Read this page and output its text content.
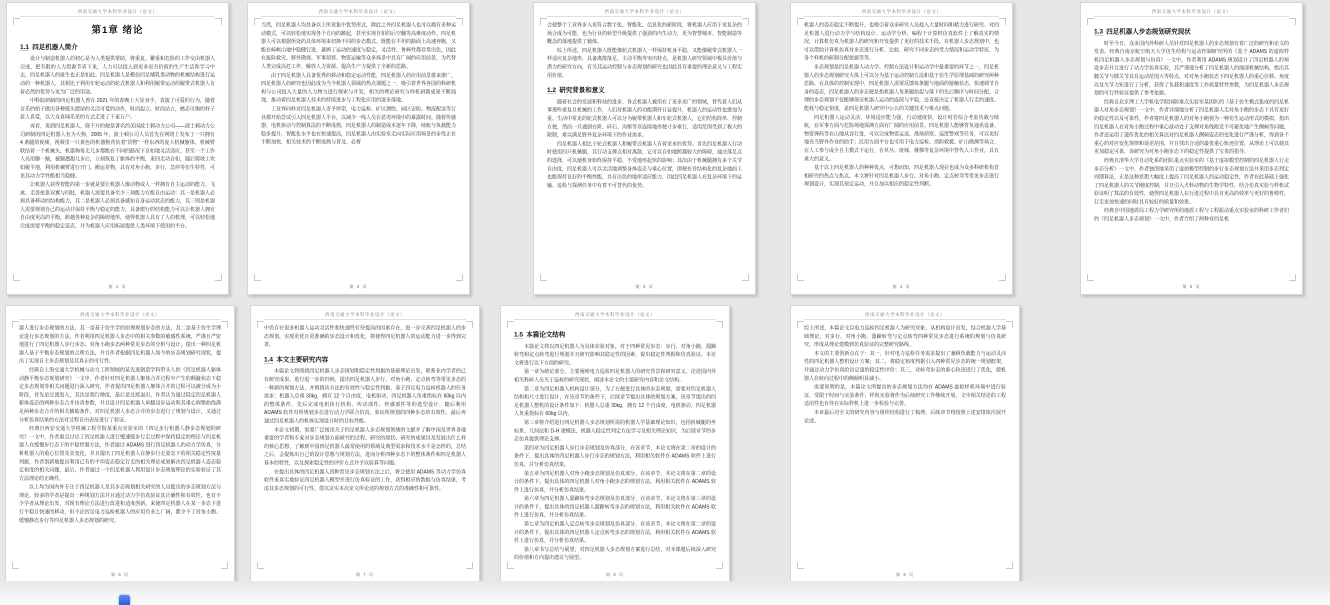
西南交通大学本科毕业设计（论文）
第1章 绪论
1.1 四足机器人简介

设计与制造机器人的初心是为人类提供帮助，将重复、繁重和危险的工作交由机器人完成，把有限的人力资源节省下来，人力可以投入到更多更有价值的生产生活和学习中去，四足机器人的诞生也正是如此。四足机器人是模仿四足哺乳类动物的机械结构进行运动的一种机器人，其相比于利用车轮运动的轮式机器人和利用履带运动的履带式机器人有着必然的优势与更为广泛的用途。

中科院研制的四足机器人曾在 2021 年的春晚上大显身手，表演了可爱的行为，随着音乐的拍子做出各种摇头摆尾的灵活可爱的动作，时而起立、时而站立，憨态可掬的样子惹人喜爱，以大众喜闻乐见的方式走进了千家万户。

再看，说到四足机器人，绕不开的便是著名的美国波士顿动力公司——波士顿动力公司研制的四足机器人名为大狗，2005 年，波士顿公司人员首先在网络上发布了一只拥有 4 条腿的视频，视频里一只黄色的机器狗背负着“货物”一样东西的庞大机械躯体，机械臂联结着一个机械头，机器狗每走几步都能在不同的路况下自如地灵活适应，甚至一个工作人员用脚一踹，被踹趔趄几步后，立刻恢复了躯体的平衡，来回走动自如，随后爬坡上坎如履平地，利用机械臂进行开门、搬运货物，具有对角小跑、步行、急停等仿生特性，可见其动力学性能相当稳健。

让机器人获得智能的第一步就是要让机器人像动物或人一样拥有自主运动的能力。飞禽、走兽依靠双翼与四肢，机器人需要具备至少三项能力方能自由运动：其一是机器人必须具备移动的结构能力，其二是机器人必须具备感知自身运动状态的能力，其三则是机器人需要规划自己的运动并保持平衡与稳定的能力。具备爬行的结构能力可以让机器人拥有自由度更高的平衡，跨越各种复杂的障碍地形，使得机器人具有了人的机理，可以轻松地完成需要平衡的稳定姿态，并为机器人应用拓展提供人类环境下使用的平台。

第 1 页
西南交通大学本科毕业设计（论文）

当然，四足机器人均具备以上所说集中优势形式，除此之外四足机器人也可以拥有多种运动模式，可以轻松地实现各个方向的蹲起，甚至实现自如的后空翻等高难度动作。四足机器人可以根据所处的具体环境来切换不同的步态模式，既能在平坦的路面上高速奔跑，又能在崎岖山地中稳健行进，兼顾了运动的速度与稳定，灵活性、鲁棒性都非常出色，因此在抢险救灾、野外勘探、军事侦察、物资运输等众多场景中具有广阔的应用前景，为代替人类完成高危工作、解放人力资源、提高生产力提供了全新的思路。

由于四足机器人具备优秀的移动和稳定运动性能，四足机器人的应用前景愈来愈广，四足机器人的研究也因此成为当今机器人领域的热点课题之一，吸引着世界各国的科研机构与公司投入大量的人力物力进行探索与开发，相关的理论研究与样机研制成果不断涌现，推动着四足机器人技术的持续进步与工程化应用的逐步落地。

工业界同样对四足机器人寄予厚望，电力巡检、矿区测绘、园区安防、物流配送等行业都开始尝试引入四足机器人平台，以减少一线人员在恶劣环境中的暴露时间。随着传感器、电机驱动与控制算法的不断成熟，四足机器人的制造成本逐年下降，续航与负载能力稳步提升，智能化水平也在快速提高，四足机器人由实验室走向实际应用场景的步伐正在不断加快，相关技术的不断成熟与普及，必将

第 2 页
西南交通大学本科毕业设计（论文）

会使整个工业界步入更符合数字化、智能化、信息化的新阶段，将机器人应用于更复杂的场合成为可能，也为行业的转型升级提供了强劲的内生动力，更为智慧城市、智能制造等概念的落地提供了载体。

综上所述，四足机器人既能像轮式机器人一样保持机身平稳，又能像履带式机器人一样适应复杂地形，具备离散落足、主动平衡等突出特点，是机器人研究领域中极具价值与潜力的研究方向，有关其运动控制与步态规划的研究也因此具有重要的理论意义与工程实用价值。

1.2 研究背景和意义

随着社会的发展和科技的进步，各式机器人被用在了更多更广的领域，替代着人们从事那些重复且机械的工作，人们对机器人的功能期待日益提升，机器人的运动性也愈加为重。生活中常见的轮式机器人可以分为履带机器人和车轮式机器人，它们结构简单、控制方便，然而一旦遇到台阶、碎石、沟壑等非连续地形便寸步难行，适用范围受到了极大的限制，难以满足野外复杂环境下的作业需求。

四足机器人相比于轮式机器人和履带式机器人有着更多的优势。首先四足机器人行动时使用四只机械腿，其行动支撑点相对离散，它可以自如地跨越较大的障碍，通过落足点的选择，可以使机身始终保持平稳，不受地形起伏的影响；其次由于机械腿拥有多个关节自由度，四足机器人可以灵活地调整身体姿态与重心位置，即便在非结构化的复杂地面上也能保持良好的平衡性能，具有出色的地形适应能力，因此四足机器人在复杂环境下的运输、巡检与探测任务中有着不可替代的优势。

第 3 页
西南交通大学本科毕业设计（论文）

机器人的姿态稳定不断提升，也吸引着众多研究人员投入大量时间和精力进行研究。对四足机器人进行动力学与结构设计、运动学分析、编程于计算机仿真软件上了解真实的情况，计算机仿真为机器人的研究和开发提供了更好的技术手段。在机器人步态规划中，也可以借助计算机仿真对步态进行分析、比较，研究不同步态的受力情况和运动学特征，为各个样机的研制分配依据等等。

步态规划是四足机器人动力学、控制方法设计和运动学中最重要的环节之一，四足机器人的步态规划研究大体上可以分为基于运动控制方法和基于仿生学原理基础的研究两种思路。在具体的控制实现中，四足机器人需要反馈每条腿与地面的接触状态，快速调节自身的姿态，四足机器人的步态便是指机器人每条腿抬起与落下的先后顺序与时间分配，合理的步态规划不仅能够保证机器人运动的连续与平稳，还直接决定了机器人行走的速度、能耗与稳定裕度，是四足机器人研究中公认的关键技术与难点问题。

四足机器人运动灵活，环境适应能力强，行动速度快，设计时若综合考虑负载与续航，在军事方面与危险场地探测方面有广阔的应用前景。四足机器人能够背负通讯设备、物资弹药等在山地从容行进，可以完成物资运送、战场侦察、巡逻警戒等任务，可以更好地充当野外作业的助手；民用方面平台也可用于电力巡检、消防救援、矿山勘测等场合，在人工参与或全自主模式下运行，在草丛、废墟、楼梯等复杂环境中替代人工作业，具有重大的意义。

基于以上四足机器人的种种优点，可想而知，四足机器人现在也成为众多科研机构竞相研究的热点与焦点。本文将针对四足机器人步行、对角小跑、定点转弯等常见步态进行规划设计，实现其预定运动，并且加以相应的稳定性判断。

第 4 页
西南交通大学本科毕业设计（论文）
1.3 四足机器人步态规划研究现状

时至今日，众多国内外科研人员针对四足机器人的步态规划有着广泛的研究和论文的发表。经典自南京航空航天大学仿生结构与运动控制研究所的《基于 ADAMS 的虚拟样机四足机器人步态规划与仿真》一文中，作者利用 ADAMS 规划设计了四足机器人的预设步态并且进行了动力学仿真实验，其严谨地分析了四足机器人的细部机械结构，指出其髋关节与膝关节具有运动范围大等特点，对对角小跑状态下四足机器人的重心位移、角度以及关节力矩进行了分析，获得了负载和速度等工作质量特性参数，为四足机器人步态规划的可行性验证提供了参考依据。

经典自北京理工大学机电学院国防重点实验室某团队的《基于仿生模式集成的四足机器人对角步态规划》一文中，作者详细地分析了四足机器人走对角小跑的步态下具有更好的稳定性以及可靠性，作者将四足机器人的对角小跑视为一种仿生运动形式的模拟，指出四足机器人在对角小跑过程中重心波动处于支撑对角线附近不可避免地产生侧倾等问题，作者还运用了遗传优化的相关算法对四足机器人侧倾姿态的变化进行严谨分析，得到各个重心的对应变化规律和误差范围，并且找出合适的最优重心轨迹位置，从理论上可以使其更加稳定可靠，该研究为对角小跑步态下的稳定性提供了宝贵的指导。

经典自清华大学自动化系的团队重点实验室的《基于虚拟模型控制的四足机器人行走步态分析》一文中，作者独创地采用了虚拟模型控制的步行步态规划方法并采用步态判定周期算法，正是这种思想大幅度上提高了四足机器人的运动稳定性，作者在此基础上强化了四足机器人的关节刚度控制，并且引入犬科动物的生物学特性，结合仿真实验与样机试验证明了算法的有效性，使得四足机器人在行进过程中具有更高的效率与更好的鲁棒性，行走更加快速的同时具有较好的质量和效果。

经典自中国地震局工程力学研究所的地震工程与工程振动重点实验室的科研工作者们的《四足机器人步态规划》一文中，作者介绍了两种对四足机

第 5 页
西南交通大学本科毕业设计（论文）

器人进行步态规划的方法，其一是基于仿生学的原理规划步态的方法，其二是基于仿生学理论进行步态规划的方法，作者利用四足机器人步态中的相关参数的敏感性系统，严谨且严密地进行了四足机器人步行步态、对角小跑步态两种常见步态的分析与设计，提出一种四足机器人基于平衡步态规划的合理方法，并且作者根据四足机器人如今的步态规划研究现状，提出了实现自主步态规划及其真正的可行性。

经典自上海交通大学机械与动力工程领域的某先进制造学科带头人的《四足机器人躯体动静平衡步态规划研究》一文中，作者针对四足机器人躯体合并过程中产生的颠簸状态下稳定步态规划等相关问题进行深入研究，作者提出四足机器人躯体合并的过程可以被分成为小阶段，首先是过渡进入，其次是爬行梯度，最后是过渡退出，作者认为通过稳定四足机器人躯体姿态的两种步态合并仿真参数，并且设计四足机器人单腿迈步运动和其重心调整曲线满足两种步态合并的相关辅助条件，对四足机器人步态合并的步态进行了规划与设计，又通过分析仿真结果的方法对过程自由表征进行了验证。

经典自西安交通大学机械工程学院某重点实验室的《四足步行机器人静步态规划的研究》一文中，作者重点讨论了四足机器人进行慢速缓步行走过程中保持稳定的理论与四足机器人在缓慢步行态下的平稳控制方法，作者通过 ADAMS 进行四足机器人的动力学仿真，分析机器人的重心位置及其变化，并且提出了四足机器人在静步行走姿态下的相关稳定性度量判据，作者创新地提出利用已有的平坦姿态稳定行走的相关理论成果解决四足机器人姿态稳定裕度的相关问题，最后，作者通过一个四足机器人利用设计步态规划理论的实验验证了其方法理论的正确性。

以上均为国内外专注于四足机器人及其步态规划相关研究的人员提出的步态规划方法与理论，较多的学者是提出一种规划方法并且通过动力学仿真验证其正确性和有效性，也有不少学者从理论出发，对现有理论方法进行改进和适度创新，来使四足机器人在某一步态下进行平稳且快速的移动，但不论四足电力巡检机器人的应用有多么广阔，都少不了对角小跑、缓慢静态步行等四足机器人步态规划的研究。

第 6 页
西南交通大学本科毕业设计（论文）

中仍存在很多机器人运动灵活性和快速性有待提高的因素存在，进一步完善四足机器人的步态规划，实现更优且更准确的步态设计和优化，将使得四足机器人的运动能力进一步得到完善。

1.4 本文主要研究内容

本篇论文将围绕四足机器人步态规划和稳定性判据的基础理论出发，联系业内学者的已有研究成果，进行进一步的归纳，提出四足机器人步行、对角小跑、定点转弯等常见步态的一种新的规划方法，并围绕该方法的有效性与稳定性判据，基于四足电力巡检机器人的任务需求：机器人总重 30kg，拥有 12 个自由度，电机驱动，四足机器人负重指标在 60kg 以内的整体条件，先后完成电机执行机构、传动部件、传感部件等的选型设计，随后利用 ADAMS 软件对所规划步态进行动力学联合仿真，验证所规划的四种步态的有效性，最后再通过四足机器人的机体实现设计时的目标性能。

本论文初期，需要广泛阅读关于四足机器人步态规划领域的文献并了解中国及世界各地重要的学者和专家对步态规划方面研究的过程、研究的现状、研究的成果以及发展出什么样的核心思想，了解到中国四足机器人最常使用的领域及典型需求和技术水平是怎样的，总结之后，会提炼出自己的设计思想与规划方法，进而分析四种步态下的整体条件和四足机器人基本的特性，以及探索稳定性的评价方式并予以验算等问题。

在提出具体的四足机器人四种常见步态规划方法之后，将会使用 ADAMS 等动力学仿真软件来真实地验证四足机器人模型并进行仿真验证的工作，获得相应的数据与仿真结果，考虑其步态规划的可行性，借以证实本次论文所论述的规划方式的准确性和可靠性。

第 7 页
西南交通大学本科毕业设计（论文）
1.5 本篇论文结构

本篇论文将以四足机器人为具体实验对象，对于四种常见步态：步行、对角小跑、溜蹄转弯和定点转弯进行规划并且研究影响其稳定性的因素，提出稳定性判据和仿真验证，本论文将进行以下方面的研究。

第一章为绪论部分，主要阐明电力巡检四足机器人的研究背景和研究意义，论述国内外相关科研人员关于巡检的研究现状，阐述本论文的主要研究内容和论文结构。

第二章为四足机器人机构设计部分，为了方便进行具体的步态规划，需要对四足机器人结构和尺寸进行设计，在该章节的条件下，后续章节提出具体的规划方案，该章节提出的四足机器人整机的设计条件如下：机器人总重 30kg，拥有 12 个自由度，电机驱动，四足机器人负重指标在 60kg 以内。

第三章将介绍进行四足机器人步态规划所需的机器人学基础理论知识，包括机械腿的坐标系、几何法和 D-H 建模法，机器人稳定性判定方法学习及相关理论知识，为后续章节的步态仿真提供理论支撑。

第四章为四足机器人步行步态规划及仿真部分，在该章节，本论文将在第二章的设计的条件下，提出具体的四足机器人步行步态的规划方法，利用相关软件在 ADAMS 软件上进行仿真，并分析仿真结果。

第五章为四足机器人对角小跑步态规划及仿真部分，在该章节，本论文将在第二章的设计的条件下，提出具体的四足机器人对角小跑步态的规划方法，利用相关软件在 ADAMS 软件上进行仿真，并分析仿真结果。

第六章为四足机器人溜蹄转弯步态规划及仿真部分，在该章节，本论文将在第三章的设计的条件下，提出具体的四足机器人溜蹄转弯步态的规划方法，利用相关软件在 ADAMS 软件上进行仿真，并分析仿真结果。

第七章为四足机器人定点转弯步态规划及仿真部分，在该章节，本论文将在第二章的设计的条件下，提出具体的四足机器人定点转弯步态的规划方法，利用相关软件在 ADAMS 软件上进行仿真，并分析仿真结果。

第八章书写总结与展望，对四足机器人步态规划方案进行总结，对本课题后续深入研究的价值和方向提出建议与展望。

第 8 页
西南交通大学本科毕业设计（论文）

综上所述，本篇论文以电力巡检四足机器人为研究对象，从机构设计出发，结合机器人学基础理论，对步行、对角小跑、溜蹄转弯与定点转弯四种常见步态进行系统的规划与仿真研究，形成从理论建模到仿真验证的完整研究路线。

本文的主要创新点在于：其一，针对电力巡检任务需求提出了兼顾负载能力与运动灵活性的四足机器人整机设计方案；其二，将稳定裕度判据引入四种常见步态的统一规划框架，并通过动力学仿真给出定量的稳定性评价；其三，对转弯步态的重心轨迹进行了优化，使机器人在转向过程中的侧倾明显减小。

需要说明的是，本篇论文所提出的步态规划方法均在 ADAMS 虚拟样机环境中进行验证，受限于时间与实验条件，样机实验将作为后续研究工作继续开展，文中相关结论的工程适用性也有待在实际样机上进一步检验与完善。

本章最后对全文的研究内容与组织结构进行了梳理，后续章节将按照上述安排依次展开论述。

第 9 页
